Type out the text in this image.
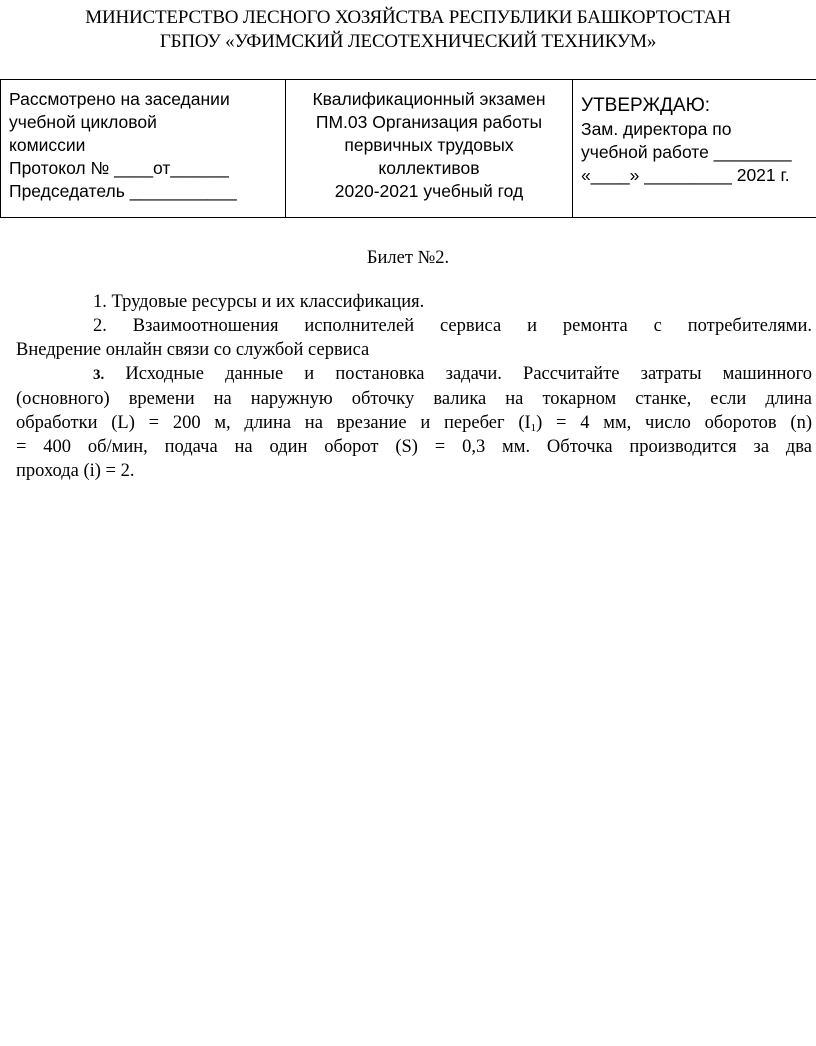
МИНИСТЕРСТВО ЛЕСНОГО ХОЗЯЙСТВА РЕСПУБЛИКИ БАШКОРТОСТАН
ГБПОУ «УФИМСКИЙ ЛЕСОТЕХНИЧЕСКИЙ ТЕХНИКУМ»
Рассмотрено на заседании
учебной цикловой
комиссии
Протокол № ____от______
Председатель ___________

Квалификационный экзамен
ПМ.03 Организация работы
первичных трудовых
коллективов
2020-2021 учебный год

УТВЕРЖДАЮ:
Зам. директора по
учебной работе ________
«____» _________ 2021 г.
Билет №2.

1. Трудовые ресурсы и их классификация.

2. Взаимоотношения исполнителей сервиса и ремонта с потребителями.

Внедрение онлайн связи со службой сервиса

3. Исходные данные и постановка задачи. Рассчитайте затраты машинного

(основного) времени на наружную обточку валика на токарном станке, если длина

обработки (L) = 200 м, длина на врезание и перебег $(I_1) = 4$ мм, число оборотов (n)

= 400 об/мин, подача на один оборот (S) = 0,3 мм. Обточка производится за два

прохода (i) = 2.
